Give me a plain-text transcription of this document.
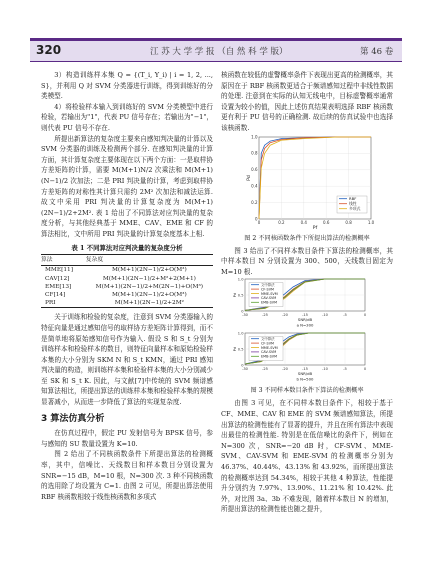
320	江 苏 大 学 学 报 （自 然 科 学 版）	第 46 卷

3）构造训练样本集 Q = {(T_i, Y_i) | i = 1, 2, ..., S}，并利用 Q 对 SVM 分类器进行训练，得到训练好的分类模型.

4）将检验样本输入到训练好的 SVM 分类模型中进行检验，若输出为"1"，代表 PU 信号存在；若输出为"−1"，则代表 PU 信号不存在.

所提出新算法的复杂度主要来自感知判决量的计算以及 SVM 分类器的训练及检测两个部分. 在感知判决量的计算方面，其计算复杂度主要体现在以下两个方面：一是取样协方差矩阵的计算，需要 M(M+1)N/2 次乘法和 M(M+1)(N−1)/2 次加法；二是 PRI 判决量的计算，考虑到取样协方差矩阵的对称性其计算只需约 2M² 次加法和减法运算. 故文中采用 PRI 判决量的计算复杂度为 M(M+1)(2N−1)/2+2M². 表 1 给出了不同算法对应判决量的复杂度分析，与其他经典基于 MME、CAV、EME 和 CF 的算法相比，文中所用 PRI 判决量的计算复杂度基本上相.

表 1 不同算法对应判决量的复杂度分析
算法	复杂度
MME[11]	M(M+1)(2N−1)/2+O(M³)
CAV[12]	M(M+1)(2N−1)/2+M²+2(M+1)
EME[13]	M(M+1)(2N−1)/2+M(2N−1)+O(M³)
CF[14]	M(M+1)(2N−1)/2+O(M³)
PRI	M(M+1)(2N−1)/2+2M²

关于训练和检验的复杂度，注意到 SVM 分类器输入的特征向量是通过感知信号的取样协方差矩阵计算得到，而不是简单地将原始感知信号作为输入. 假设 S 和 S_t 分别为训练样本和检验样本的数目，则特征向量样本和原始检验样本集的大小分别为 SKM N 和 S_t KMN，通过 PRI 感知判决量的构造，则训练样本集和检验样本集的大小分别减少至 SK 和 S_t K. 因此，与文献[7]中传统的 SVM 频谱感知算法相比，所提出算法的训练样本集和检验样本集的规模显著减小，从而进一步降低了算法的实现复杂度.

3 算法仿真分析

在仿真过程中，假定 PU 发射信号为 BPSK 信号，参与感知的 SU 数量设置为 K=10.

图 2 给出了不同核函数条件下所提出算法的检测概率，其中，信噪比、天线数目和样本数目分别设置为 SNR=−15 dB，M=10 根，N=300 次. 3 种不同核函数的选用除了均设置为 C=1. 由图 2 可见，所提出算法使用 RBF 核函数相较于线性核函数和多项式

核函数在较低的虚警概率条件下表现出更高的检测概率，其原因在于 RBF 核函数更适合于频谱感知过程中非线性数据的处理. 注意到在实际的认知无线电中，目标虚警概率通常设置为较小的值，因此上述仿真结果表明选择 RBF 核函数更有利于 PU 信号的正确检测. 故后续的仿真试验中也选择该核函数.

0	0.2	0.4	0.6	0.8	1.0
0
0.2
0.4
0.6
0.8
1.0
Pf
Pd
RBF
线性
多项式
图 2 不同核函数条件下所提出算法的检测概率

图 3 给出了不同样本数目条件下算法的检测概率，其中样本数目 N 分别设置为 300、500，天线数目固定为 M=10 根.

-30	-25	-20	-15	-10	-5	0
0
0.5
1.0
SNR/dB
Pd
a N=300
文中算法
CF-SVM
MME-SVM
CAV-SVM
EMB-SVM
-30	-25	-20	-15	-10	-5	0
0
0.5
1.0
SNR/dB
Pd
b N=500
文中算法
CF-SVM
MME-SVM
CAV-SVM
EMB-SVM
图 3 不同样本数目条件下算法的检测概率

由图 3 可见，在不同样本数目条件下，相较于基于 CF、MME、CAV 和 EME 的 SVM 频谱感知算法，所提出算法的检测性能有了显著的提升，并且在所有算法中表现出最佳的检测性能. 特别是在低信噪比的条件下，例如在 N=300 次，SNR=−20 dB 时，CF-SVM、MME-SVM、CAV-SVM 和 EME-SVM 的检测概率分别为 46.37%、40.44%、43.13% 和 43.92%，而所提出算法的检测概率达到 54.34%，相较于其他 4 种算法，性能提升分别约为 7.97%、13.90%、11.21% 和 10.42%. 此外，对比图 3a、3b 不难发现，随着样本数目 N 的增加，所提出算法的检测性能也随之提升，
